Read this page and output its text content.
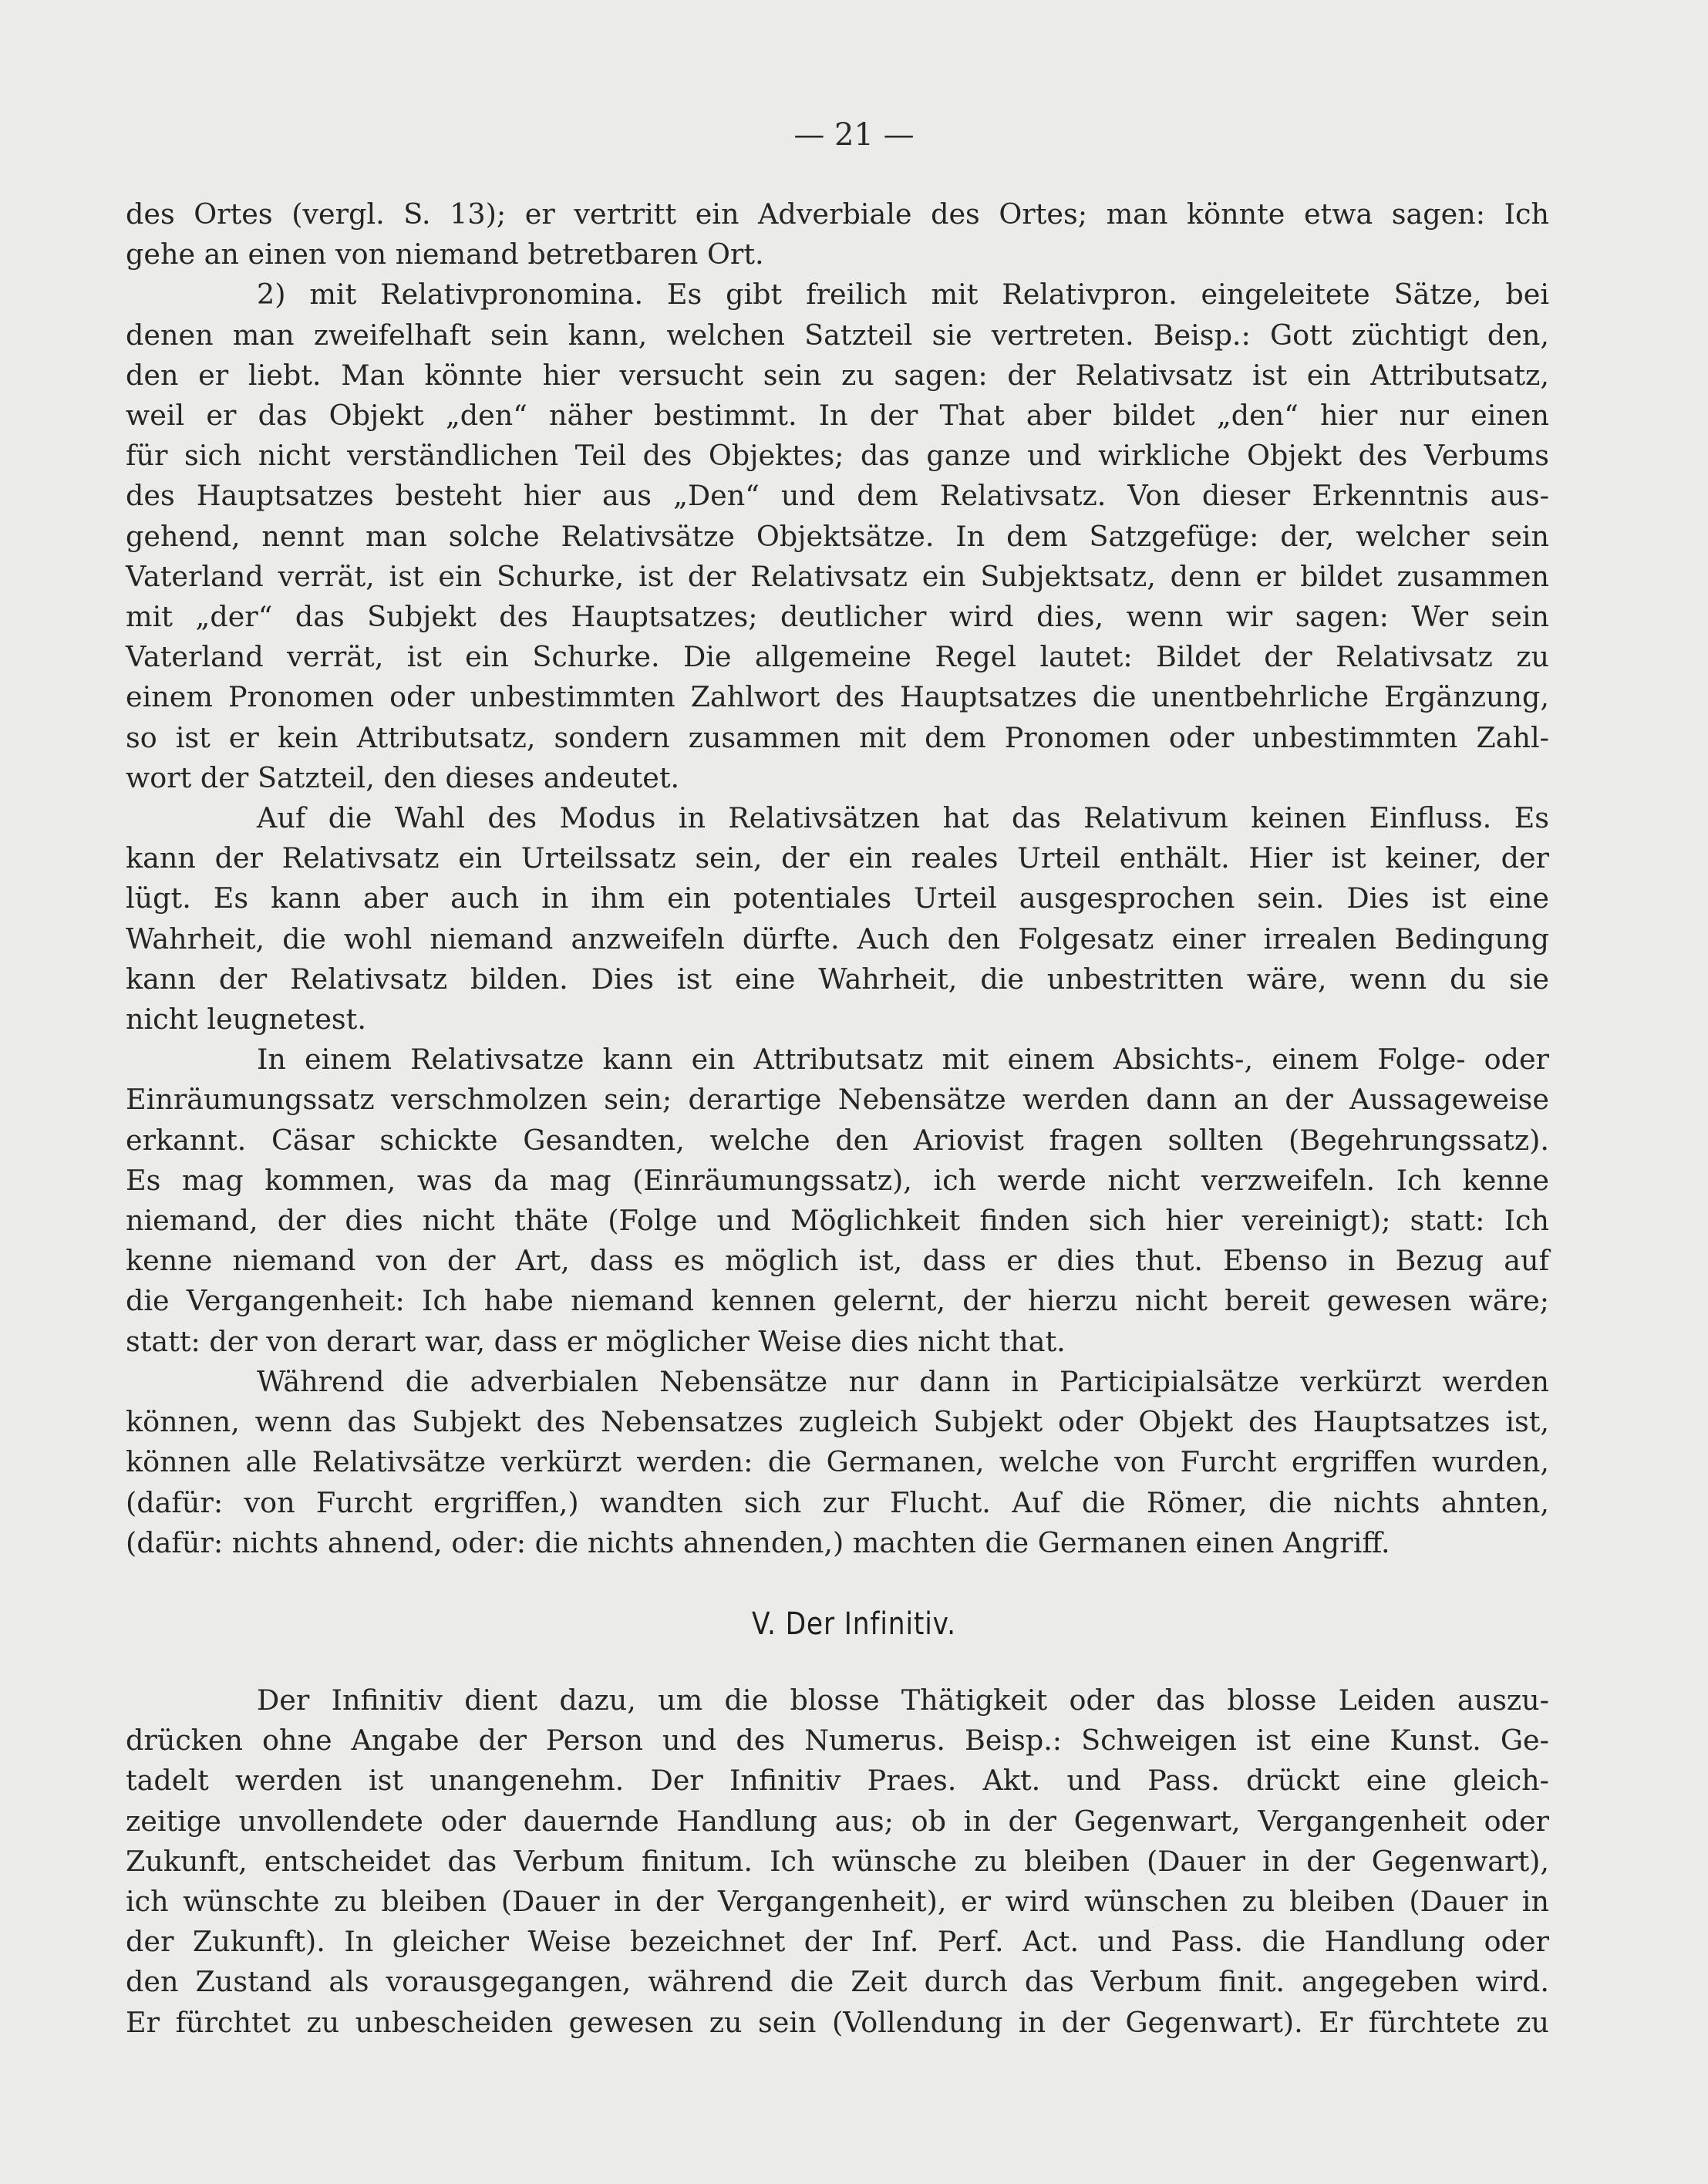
— 21 —

des Ortes (vergl. S. 13); er vertritt ein Adverbiale des Ortes; man könnte etwa sagen: Ich

gehe an einen von niemand betretbaren Ort.

2) mit Relativpronomina. Es gibt freilich mit Relativpron. eingeleitete Sätze, bei

denen man zweifelhaft sein kann, welchen Satzteil sie vertreten. Beisp.: Gott züchtigt den,

den er liebt. Man könnte hier versucht sein zu sagen: der Relativsatz ist ein Attributsatz,

weil er das Objekt „den“ näher bestimmt. In der That aber bildet „den“ hier nur einen

für sich nicht verständlichen Teil des Objektes; das ganze und wirkliche Objekt des Verbums

des Hauptsatzes besteht hier aus „Den“ und dem Relativsatz. Von dieser Erkenntnis aus-

gehend, nennt man solche Relativsätze Objektsätze. In dem Satzgefüge: der, welcher sein

Vaterland verrät, ist ein Schurke, ist der Relativsatz ein Subjektsatz, denn er bildet zusammen

mit „der“ das Subjekt des Hauptsatzes; deutlicher wird dies, wenn wir sagen: Wer sein

Vaterland verrät, ist ein Schurke. Die allgemeine Regel lautet: Bildet der Relativsatz zu

einem Pronomen oder unbestimmten Zahlwort des Hauptsatzes die unentbehrliche Ergänzung,

so ist er kein Attributsatz, sondern zusammen mit dem Pronomen oder unbestimmten Zahl-

wort der Satzteil, den dieses andeutet.

Auf die Wahl des Modus in Relativsätzen hat das Relativum keinen Einfluss. Es

kann der Relativsatz ein Urteilssatz sein, der ein reales Urteil enthält. Hier ist keiner, der

lügt. Es kann aber auch in ihm ein potentiales Urteil ausgesprochen sein. Dies ist eine

Wahrheit, die wohl niemand anzweifeln dürfte. Auch den Folgesatz einer irrealen Bedingung

kann der Relativsatz bilden. Dies ist eine Wahrheit, die unbestritten wäre, wenn du sie

nicht leugnetest.

In einem Relativsatze kann ein Attributsatz mit einem Absichts-, einem Folge- oder

Einräumungssatz verschmolzen sein; derartige Nebensätze werden dann an der Aussageweise

erkannt. Cäsar schickte Gesandten, welche den Ariovist fragen sollten (Begehrungssatz).

Es mag kommen, was da mag (Einräumungssatz), ich werde nicht verzweifeln. Ich kenne

niemand, der dies nicht thäte (Folge und Möglichkeit finden sich hier vereinigt); statt: Ich

kenne niemand von der Art, dass es möglich ist, dass er dies thut. Ebenso in Bezug auf

die Vergangenheit: Ich habe niemand kennen gelernt, der hierzu nicht bereit gewesen wäre;

statt: der von derart war, dass er möglicher Weise dies nicht that.

Während die adverbialen Nebensätze nur dann in Participialsätze verkürzt werden

können, wenn das Subjekt des Nebensatzes zugleich Subjekt oder Objekt des Hauptsatzes ist,

können alle Relativsätze verkürzt werden: die Germanen, welche von Furcht ergriffen wurden,

(dafür: von Furcht ergriffen,) wandten sich zur Flucht. Auf die Römer, die nichts ahnten,

(dafür: nichts ahnend, oder: die nichts ahnenden,) machten die Germanen einen Angriff.

V. Der Infinitiv.

Der Infinitiv dient dazu, um die blosse Thätigkeit oder das blosse Leiden auszu-

drücken ohne Angabe der Person und des Numerus. Beisp.: Schweigen ist eine Kunst. Ge-

tadelt werden ist unangenehm. Der Infinitiv Praes. Akt. und Pass. drückt eine gleich-

zeitige unvollendete oder dauernde Handlung aus; ob in der Gegenwart, Vergangenheit oder

Zukunft, entscheidet das Verbum finitum. Ich wünsche zu bleiben (Dauer in der Gegenwart),

ich wünschte zu bleiben (Dauer in der Vergangenheit), er wird wünschen zu bleiben (Dauer in

der Zukunft). In gleicher Weise bezeichnet der Inf. Perf. Act. und Pass. die Handlung oder

den Zustand als vorausgegangen, während die Zeit durch das Verbum finit. angegeben wird.

Er fürchtet zu unbescheiden gewesen zu sein (Vollendung in der Gegenwart). Er fürchtete zu
